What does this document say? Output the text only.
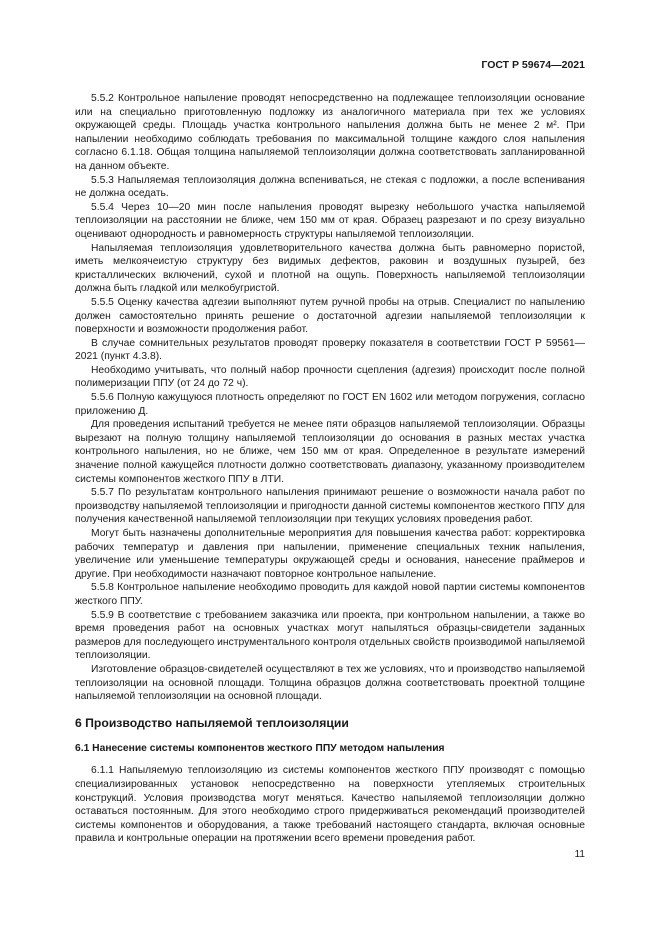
ГОСТ Р 59674—2021

5.5.2 Контрольное напыление проводят непосредственно на подлежащее теплоизоляции основание или на специально приготовленную подложку из аналогичного материала при тех же условиях окружающей среды. Площадь участка контрольного напыления должна быть не менее 2 м². При напылении необходимо соблюдать требования по максимальной толщине каждого слоя напыления согласно 6.1.18. Общая толщина напыляемой теплоизоляции должна соответствовать запланированной на данном объекте.

5.5.3 Напыляемая теплоизоляция должна вспениваться, не стекая с подложки, а после вспенивания не должна оседать.

5.5.4 Через 10—20 мин после напыления проводят вырезку небольшого участка напыляемой теплоизоляции на расстоянии не ближе, чем 150 мм от края. Образец разрезают и по срезу визуально оценивают однородность и равномерность структуры напыляемой теплоизоляции.

Напыляемая теплоизоляция удовлетворительного качества должна быть равномерно пористой, иметь мелкоячеистую структуру без видимых дефектов, раковин и воздушных пузырей, без кристаллических включений, сухой и плотной на ощупь. Поверхность напыляемой теплоизоляции должна быть гладкой или мелкобугристой.

5.5.5 Оценку качества адгезии выполняют путем ручной пробы на отрыв. Специалист по напылению должен самостоятельно принять решение о достаточной адгезии напыляемой теплоизоляции к поверхности и возможности продолжения работ.

В случае сомнительных результатов проводят проверку показателя в соответствии ГОСТ Р 59561—2021 (пункт 4.3.8).

Необходимо учитывать, что полный набор прочности сцепления (адгезия) происходит после полной полимеризации ППУ (от 24 до 72 ч).

5.5.6 Полную кажущуюся плотность определяют по ГОСТ EN 1602 или методом погружения, согласно приложению Д.

Для проведения испытаний требуется не менее пяти образцов напыляемой теплоизоляции. Образцы вырезают на полную толщину напыляемой теплоизоляции до основания в разных местах участка контрольного напыления, но не ближе, чем 150 мм от края. Определенное в результате измерений значение полной кажущейся плотности должно соответствовать диапазону, указанному производителем системы компонентов жесткого ППУ в ЛТИ.

5.5.7 По результатам контрольного напыления принимают решение о возможности начала работ по производству напыляемой теплоизоляции и пригодности данной системы компонентов жесткого ППУ для получения качественной напыляемой теплоизоляции при текущих условиях проведения работ.

Могут быть назначены дополнительные мероприятия для повышения качества работ: корректировка рабочих температур и давления при напылении, применение специальных техник напыления, увеличение или уменьшение температуры окружающей среды и основания, нанесение праймеров и другие. При необходимости назначают повторное контрольное напыление.

5.5.8 Контрольное напыление необходимо проводить для каждой новой партии системы компонентов жесткого ППУ.

5.5.9 В соответствие с требованием заказчика или проекта, при контрольном напылении, а также во время проведения работ на основных участках могут напыляться образцы-свидетели заданных размеров для последующего инструментального контроля отдельных свойств производимой напыляемой теплоизоляции.

Изготовление образцов-свидетелей осуществляют в тех же условиях, что и производство напыляемой теплоизоляции на основной площади. Толщина образцов должна соответствовать проектной толщине напыляемой теплоизоляции на основной площади.

6 Производство напыляемой теплоизоляции
6.1 Нанесение системы компонентов жесткого ППУ методом напыления

6.1.1 Напыляемую теплоизоляцию из системы компонентов жесткого ППУ производят с помощью специализированных установок непосредственно на поверхности утепляемых строительных конструкций. Условия производства могут меняться. Качество напыляемой теплоизоляции должно оставаться постоянным. Для этого необходимо строго придерживаться рекомендаций производителей системы компонентов и оборудования, а также требований настоящего стандарта, включая основные правила и контрольные операции на протяжении всего времени проведения работ.

11
